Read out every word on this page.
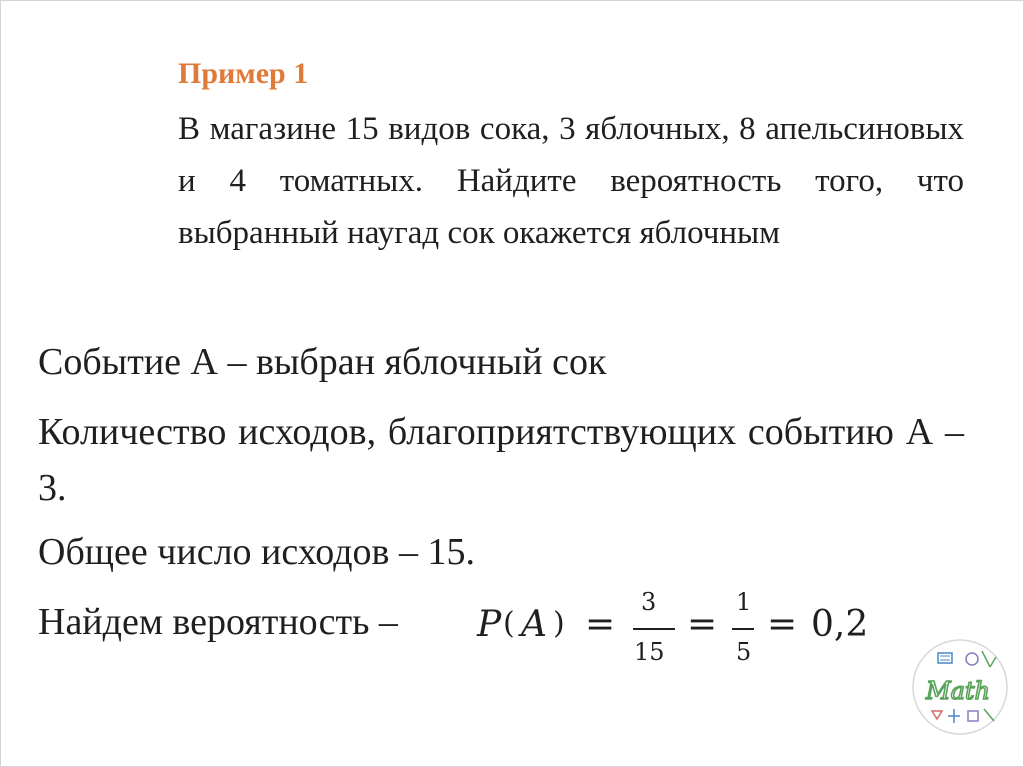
Пример 1
В магазине 15 видов сока, 3 яблочных, 8 апельсиновых и 4 томатных. Найдите вероятность того, что выбранный наугад сок окажется яблочным
Событие А – выбран яблочный сок
Количество исходов, благоприятствующих событию А – 3.
Общее число исходов – 15.
Найдем вероятность –	P ( A ) =
3
15
=
1
5
= 0,2
Math
